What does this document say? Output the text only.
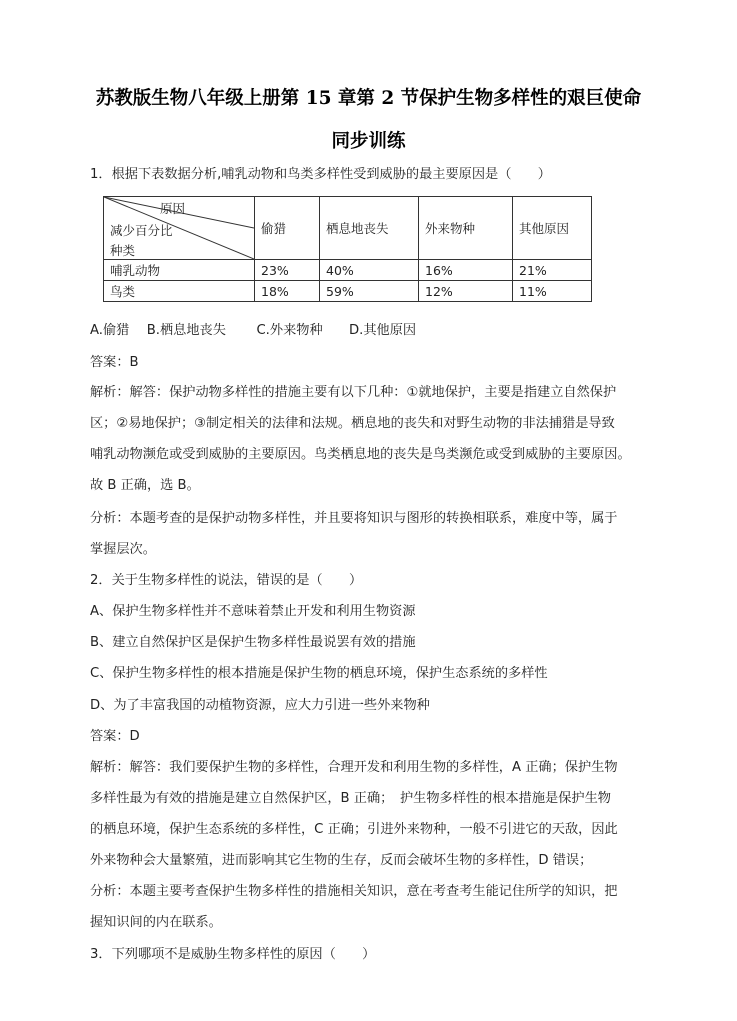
苏教版生物八年级上册第 15 章第 2 节保护生物多样性的艰巨使命
同步训练
1．根据下表数据分析,哺乳动物和鸟类多样性受到威胁的最主要原因是（　　）
原因
减少百分比
种类	偷猎	栖息地丧失	外来物种	其他原因
哺乳动物	23%	40%	16%	21%
鸟类	18%	59%	12%	11%
A.偷猎　 B.栖息地丧失　　 C.外来物种　　D.其他原因
答案：B
解析：解答：保护动物多样性的措施主要有以下几种：①就地保护，主要是指建立自然保护
区；②易地保护；③制定相关的法律和法规。栖息地的丧失和对野生动物的非法捕猎是导致
哺乳动物濒危或受到威胁的主要原因。鸟类栖息地的丧失是鸟类濒危或受到威胁的主要原因。
故 B 正确，选 B。
分析：本题考查的是保护动物多样性，并且要将知识与图形的转换相联系，难度中等，属于
掌握层次。
2．关于生物多样性的说法，错误的是（　　）
A、保护生物多样性并不意味着禁止开发和利用生物资源
B、建立自然保护区是保护生物多样性最说罢有效的措施
C、保护生物多样性的根本措施是保护生物的栖息环境，保护生态系统的多样性
D、为了丰富我国的动植物资源，应大力引进一些外来物种
答案：D
解析：解答：我们要保护生物的多样性，合理开发和利用生物的多样性，A 正确；保护生物
多样性最为有效的措施是建立自然保护区，B 正确；　护生物多样性的根本措施是保护生物
的栖息环境，保护生态系统的多样性，C 正确；引进外来物种，一般不引进它的天敌，因此
外来物种会大量繁殖，进而影响其它生物的生存，反而会破坏生物的多样性，D 错误；
分析：本题主要考查保护生物多样性的措施相关知识，意在考查考生能记住所学的知识，把
握知识间的内在联系。
3．下列哪项不是威胁生物多样性的原因（　　）
